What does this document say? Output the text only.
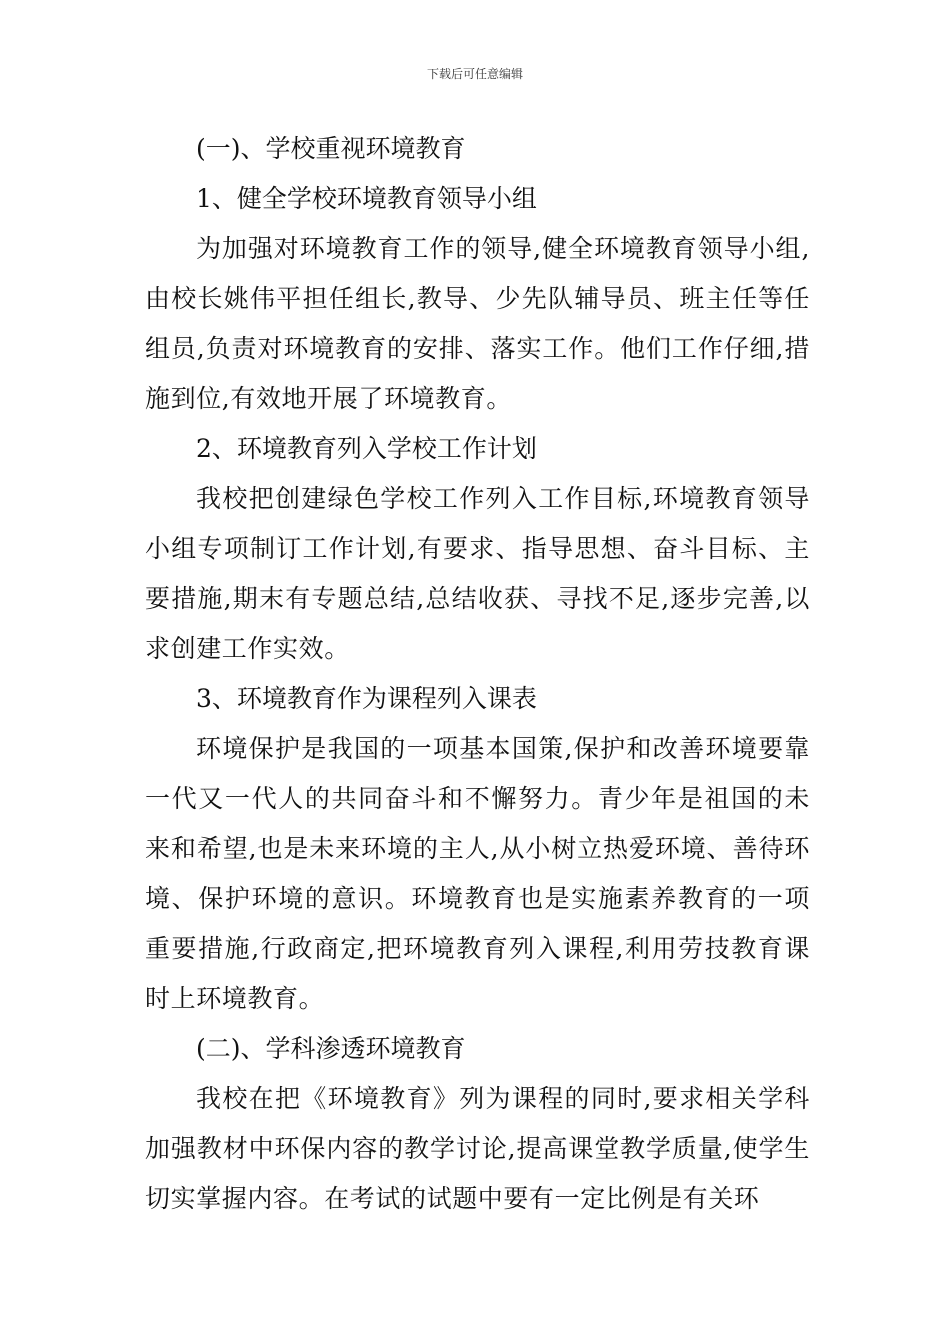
下载后可任意编辑
(一)、学校重视环境教育
1、健全学校环境教育领导小组

为加强对环境教育工作的领导,健全环境教育领导小组,由校长姚伟平担任组长,教导、少先队辅导员、班主任等任组员,负责对环境教育的安排、落实工作。他们工作仔细,措施到位,有效地开展了环境教育。

2、环境教育列入学校工作计划

我校把创建绿色学校工作列入工作目标,环境教育领导小组专项制订工作计划,有要求、指导思想、奋斗目标、主要措施,期末有专题总结,总结收获、寻找不足,逐步完善,以求创建工作实效。

3、环境教育作为课程列入课表

环境保护是我国的一项基本国策,保护和改善环境要靠一代又一代人的共同奋斗和不懈努力。青少年是祖国的未来和希望,也是未来环境的主人,从小树立热爱环境、善待环境、保护环境的意识。环境教育也是实施素养教育的一项重要措施,行政商定,把环境教育列入课程,利用劳技教育课时上环境教育。

(二)、学科渗透环境教育

我校在把《环境教育》列为课程的同时,要求相关学科加强教材中环保内容的教学讨论,提高课堂教学质量,使学生切实掌握内容。在考试的试题中要有一定比例是有关环
